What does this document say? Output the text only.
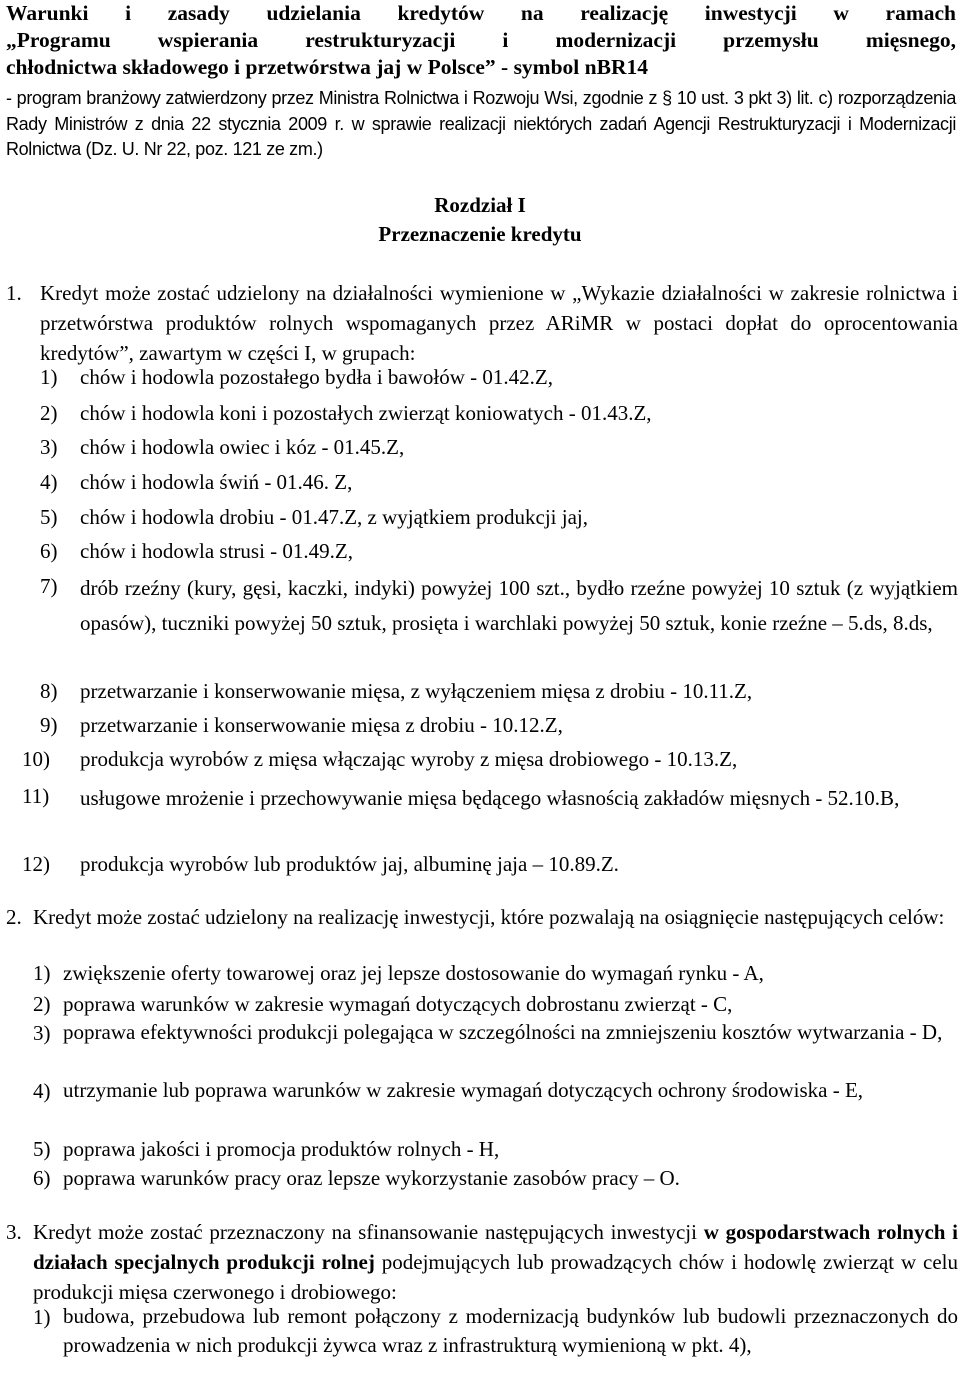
Warunki i zasady udzielania kredytów na realizację inwestycji w ramach
„Programu wspierania restrukturyzacji i modernizacji przemysłu mięsnego,
chłodnictwa składowego i przetwórstwa jaj w Polsce” - symbol nBR14
- program branżowy zatwierdzony przez Ministra Rolnictwa i Rozwoju Wsi, zgodnie z § 10 ust. 3 pkt 3) lit. c) rozporządzenia Rady Ministrów z dnia 22 stycznia 2009 r. w sprawie realizacji niektórych zadań Agencji Restrukturyzacji i Modernizacji Rolnictwa (Dz. U. Nr 22, poz. 121 ze zm.)
Rozdział I
Przeznaczenie kredytu
1. Kredyt może zostać udzielony na działalności wymienione w „Wykazie działalności w zakresie rolnictwa i przetwórstwa produktów rolnych wspomaganych przez ARiMR w postaci dopłat do oprocentowania kredytów”, zawartym w części I, w grupach:
1) chów i hodowla pozostałego bydła i bawołów - 01.42.Z,
2) chów i hodowla koni i pozostałych zwierząt koniowatych - 01.43.Z,
3) chów i hodowla owiec i kóz - 01.45.Z,
4) chów i hodowla świń - 01.46. Z,
5) chów i hodowla drobiu - 01.47.Z, z wyjątkiem produkcji jaj,
6) chów i hodowla strusi - 01.49.Z,
7) drób rzeźny (kury, gęsi, kaczki, indyki) powyżej 100 szt., bydło rzeźne powyżej 10 sztuk (z wyjątkiem opasów), tuczniki powyżej 50 sztuk, prosięta i warchlaki powyżej 50 sztuk, konie rzeźne – 5.ds, 8.ds,
8) przetwarzanie i konserwowanie mięsa, z wyłączeniem mięsa z drobiu - 10.11.Z,
9) przetwarzanie i konserwowanie mięsa z drobiu - 10.12.Z,
10) produkcja wyrobów z mięsa włączając wyroby z mięsa drobiowego - 10.13.Z,
11) usługowe mrożenie i przechowywanie mięsa będącego własnością zakładów mięsnych - 52.10.B,
12) produkcja wyrobów lub produktów jaj, albuminę jaja – 10.89.Z.
2. Kredyt może zostać udzielony na realizację inwestycji, które pozwalają na osiągnięcie następujących celów:
1) zwiększenie oferty towarowej oraz jej lepsze dostosowanie do wymagań rynku - A,
2) poprawa warunków w zakresie wymagań dotyczących dobrostanu zwierząt - C,
3) poprawa efektywności produkcji polegająca w szczególności na zmniejszeniu kosztów wytwarzania - D,
4) utrzymanie lub poprawa warunków w zakresie wymagań dotyczących ochrony środowiska - E,
5) poprawa jakości i promocja produktów rolnych - H,
6) poprawa warunków pracy oraz lepsze wykorzystanie zasobów pracy – O.
3. Kredyt może zostać przeznaczony na sfinansowanie następujących inwestycji w gospodarstwach rolnych i działach specjalnych produkcji rolnej podejmujących lub prowadzących chów i hodowlę zwierząt w celu produkcji mięsa czerwonego i drobiowego:
1) budowa, przebudowa lub remont połączony z modernizacją budynków lub budowli przeznaczonych do prowadzenia w nich produkcji żywca wraz z infrastrukturą wymienioną w pkt. 4),
